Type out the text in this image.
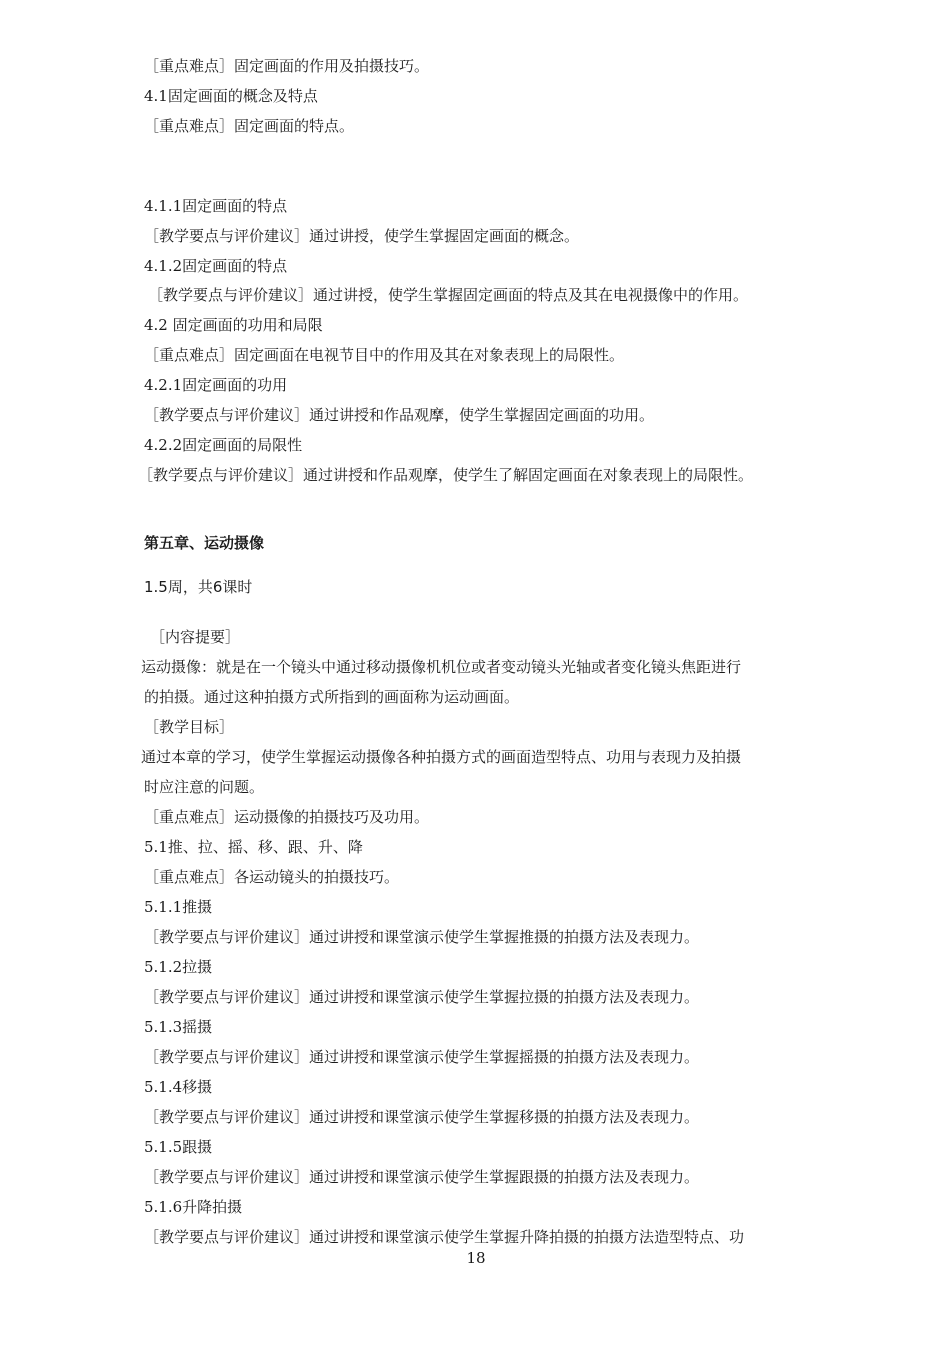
［重点难点］固定画面的作用及拍摄技巧。
4.1固定画面的概念及特点
［重点难点］固定画面的特点。
4.1.1固定画面的特点
［教学要点与评价建议］通过讲授，使学生掌握固定画面的概念。
4.1.2固定画面的特点
［教学要点与评价建议］通过讲授，使学生掌握固定画面的特点及其在电视摄像中的作用。
4.2 固定画面的功用和局限
［重点难点］固定画面在电视节目中的作用及其在对象表现上的局限性。
4.2.1固定画面的功用
［教学要点与评价建议］通过讲授和作品观摩，使学生掌握固定画面的功用。
4.2.2固定画面的局限性
［教学要点与评价建议］通过讲授和作品观摩，使学生了解固定画面在对象表现上的局限性。
第五章、运动摄像
1.5周，共6课时
［内容提要］
运动摄像：就是在一个镜头中通过移动摄像机机位或者变动镜头光轴或者变化镜头焦距进行
的拍摄。通过这种拍摄方式所指到的画面称为运动画面。
［教学目标］
通过本章的学习，使学生掌握运动摄像各种拍摄方式的画面造型特点、功用与表现力及拍摄
时应注意的问题。
［重点难点］运动摄像的拍摄技巧及功用。
5.1推、拉、摇、移、跟、升、降
［重点难点］各运动镜头的拍摄技巧。
5.1.1推摄
［教学要点与评价建议］通过讲授和课堂演示使学生掌握推摄的拍摄方法及表现力。
5.1.2拉摄
［教学要点与评价建议］通过讲授和课堂演示使学生掌握拉摄的拍摄方法及表现力。
5.1.3摇摄
［教学要点与评价建议］通过讲授和课堂演示使学生掌握摇摄的拍摄方法及表现力。
5.1.4移摄
［教学要点与评价建议］通过讲授和课堂演示使学生掌握移摄的拍摄方法及表现力。
5.1.5跟摄
［教学要点与评价建议］通过讲授和课堂演示使学生掌握跟摄的拍摄方法及表现力。
5.1.6升降拍摄
［教学要点与评价建议］通过讲授和课堂演示使学生掌握升降拍摄的拍摄方法造型特点、功
18
